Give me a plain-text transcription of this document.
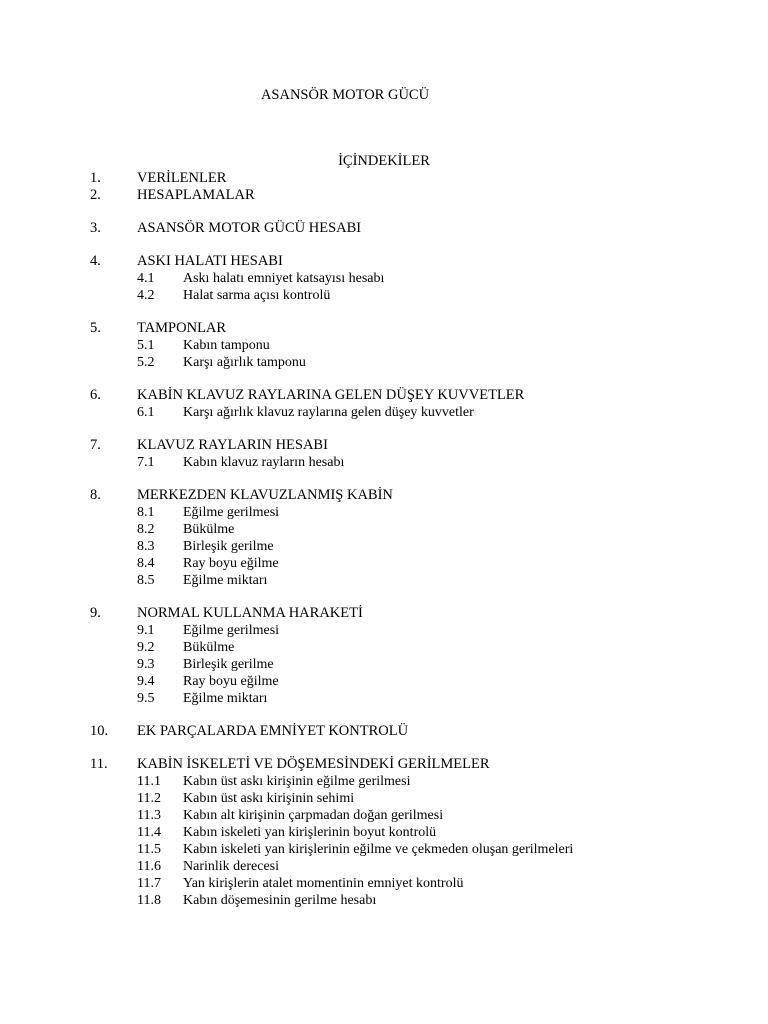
ASANSÖR MOTOR GÜCÜ
İÇİNDEKİLER
1. VERİLENLER
2. HESAPLAMALAR
3. ASANSÖR MOTOR GÜCÜ HESABI
4. ASKI HALATI HESABI
4.1 Askı halatı emniyet katsayısı hesabı
4.2 Halat sarma açısı kontrolü
5. TAMPONLAR
5.1 Kabın tamponu
5.2 Karşı ağırlık tamponu
6. KABİN KLAVUZ RAYLARINA GELEN DÜŞEY KUVVETLER
6.1 Karşı ağırlık klavuz raylarına gelen düşey kuvvetler
7. KLAVUZ RAYLARIN HESABI
7.1 Kabın klavuz rayların hesabı
8. MERKEZDEN KLAVUZLANMIŞ KABİN
8.1 Eğilme gerilmesi
8.2 Bükülme
8.3 Birleşik gerilme
8.4 Ray boyu eğilme
8.5 Eğilme miktarı
9. NORMAL KULLANMA HARAKETİ
9.1 Eğilme gerilmesi
9.2 Bükülme
9.3 Birleşik gerilme
9.4 Ray boyu eğilme
9.5 Eğilme miktarı
10. EK PARÇALARDA EMNİYET KONTROLÜ
11. KABİN İSKELETİ VE DÖŞEMESİNDEKİ GERİLMELER
11.1 Kabın üst askı kirişinin eğilme gerilmesi
11.2 Kabın üst askı kirişinin sehimi
11.3 Kabın alt kirişinin çarpmadan doğan gerilmesi
11.4 Kabın iskeleti yan kirişlerinin boyut kontrolü
11.5 Kabın iskeleti yan kirişlerinin eğilme ve çekmeden oluşan gerilmeleri
11.6 Narinlik derecesi
11.7 Yan kirişlerin atalet momentinin emniyet kontrolü
11.8 Kabın döşemesinin gerilme hesabı
